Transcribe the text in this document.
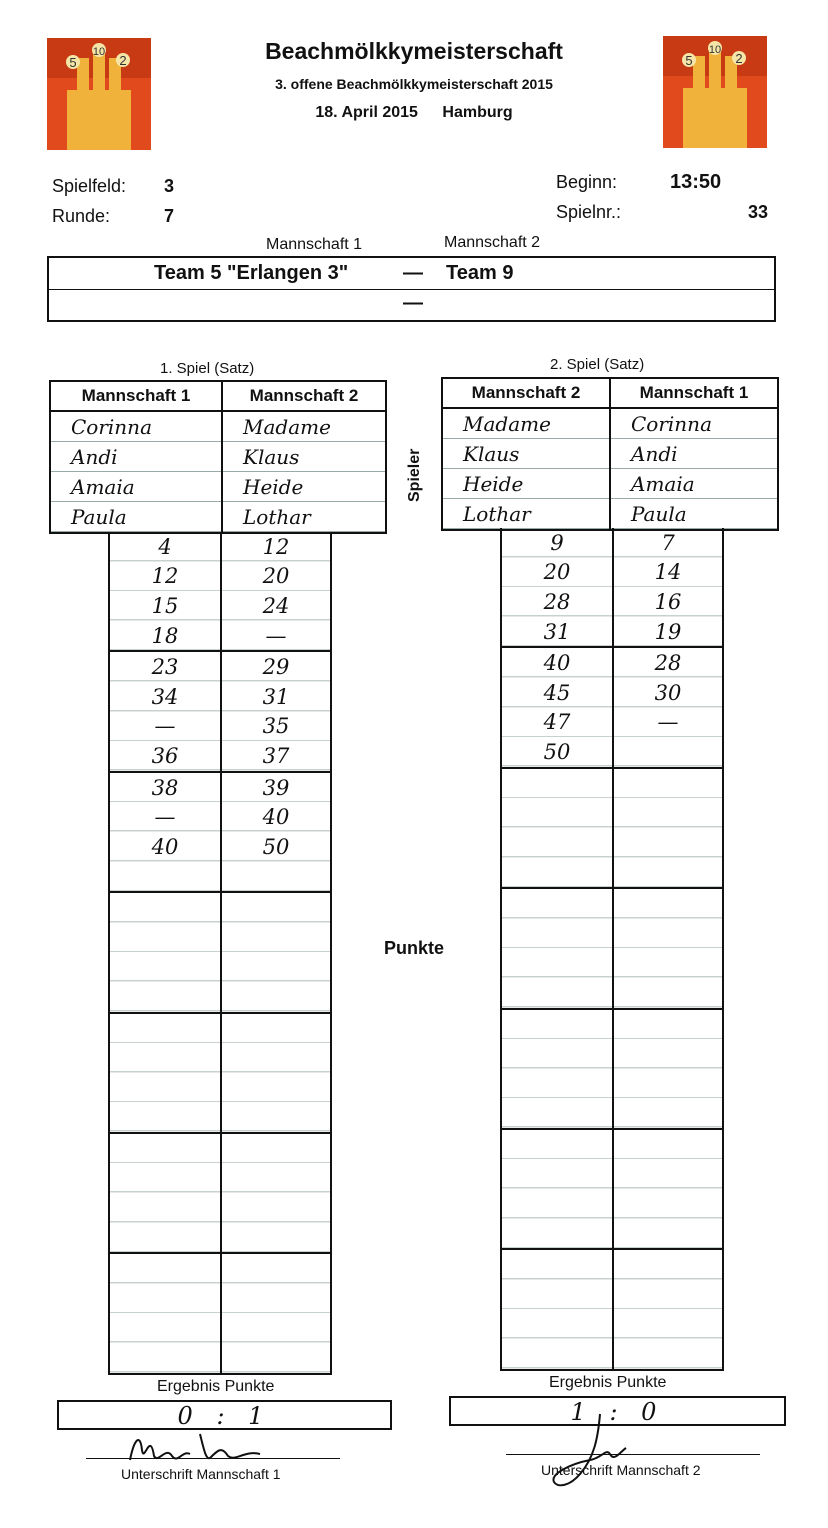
5
10
2	5
10
2
Beachmölkkymeisterschaft
3. offene Beachmölkkymeisterschaft 2015
18. April 2015 Hamburg
Spielfeld: 3
Runde:	7
Beginn:	13:50
Spielnr.:	33
Mannschaft 1	Mannschaft 2
Team 5 "Erlangen 3"	— Team 9
—
1. Spiel (Satz)	2. Spiel (Satz)
Mannschaft 1	Mannschaft 2
Corinna	Madame
Andi	Klaus
Amaia	Heide
Paula	Lothar
Mannschaft 2	Mannschaft 1
Madame	Corinna
Klaus	Andi
Heide	Amaia
Lothar	Paula
Spieler
4	12
12	20
15	24
18	—
23	29
34	31
—	35
36	37
38	39
—	40
40	50

9	7
20	14
28	16
31	19
40	28
45	30
47	—
50	

Punkte
Ergebnis Punkte
0 : 1
Ergebnis Punkte
1 : 0
Unterschrift Mannschaft 1	Unterschrift Mannschaft 2
